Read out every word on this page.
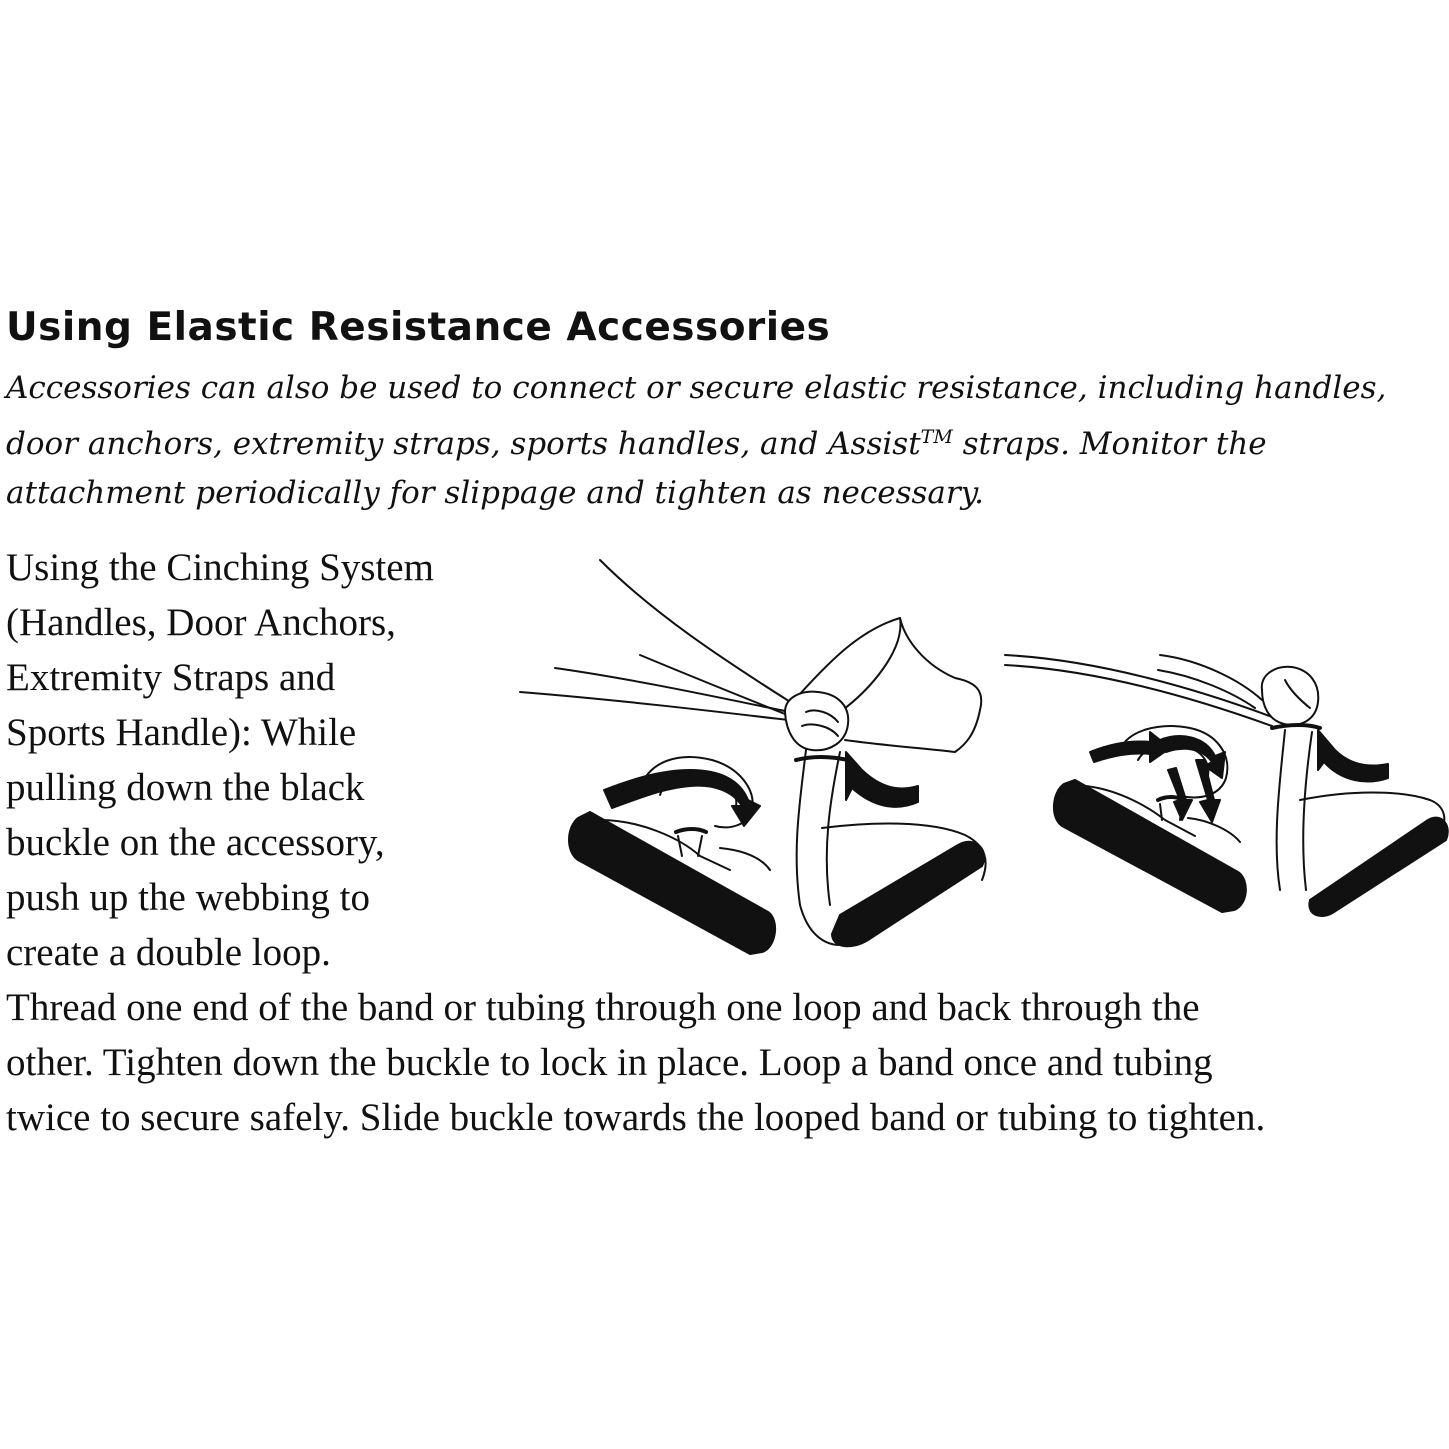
Using Elastic Resistance Accessories

Accessories can also be used to connect or secure elastic resistance, including handles,

door anchors, extremity straps, sports handles, and Assist™ straps. Monitor the

attachment periodically for slippage and tighten as necessary.

Using the Cinching System

(Handles, Door Anchors,

Extremity Straps and

Sports Handle): While

pulling down the black

buckle on the accessory,

push up the webbing to

create a double loop.

Thread one end of the band or tubing through one loop and back through the

other. Tighten down the buckle to lock in place. Loop a band once and tubing

twice to secure safely. Slide buckle towards the looped band or tubing to tighten.
